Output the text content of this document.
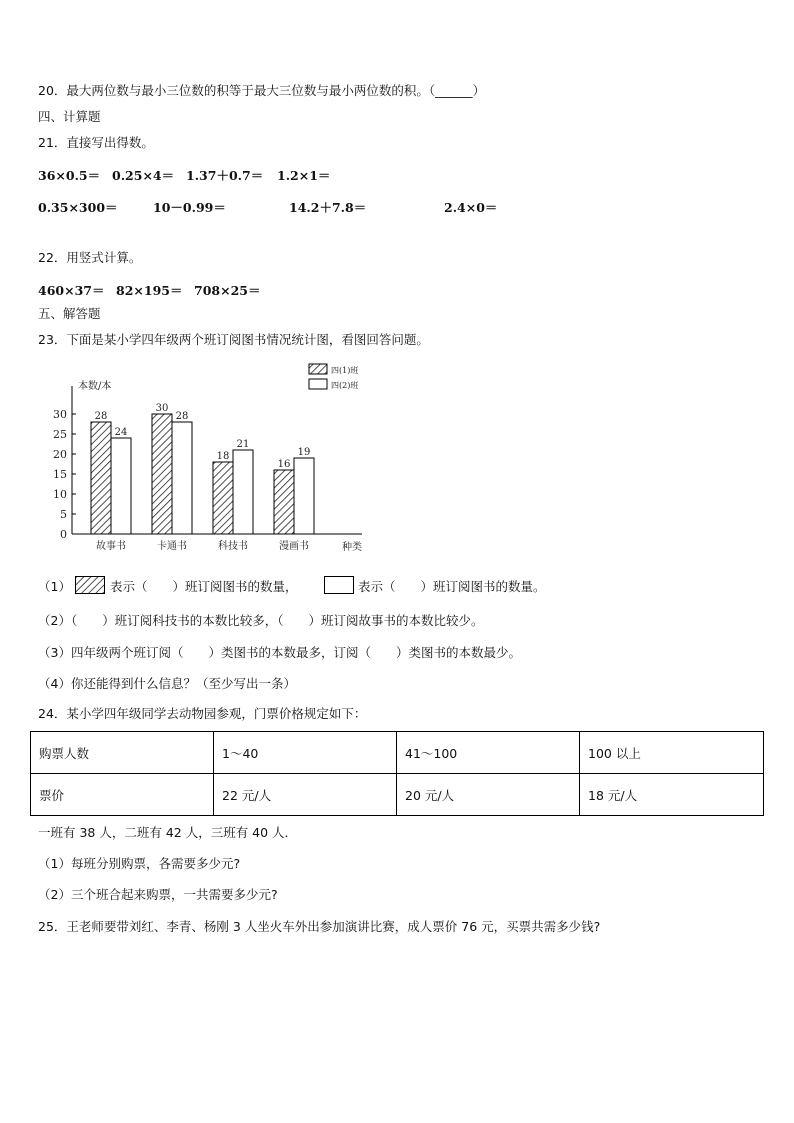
20．最大两位数与最小三位数的积等于最大三位数与最小两位数的积。（______）
四、计算题
21．直接写出得数。
36×0.5＝ 0.25×4＝ 1.37＋0.7＝ 1.2×1＝
0.35×300＝	10－0.99＝	14.2＋7.8＝	2.4×0＝
22．用竖式计算。
460×37＝ 82×195＝ 708×25＝
五、解答题
23．下面是某小学四年级两个班订阅图书情况统计图，看图回答问题。
本数/本
种类
0
5
10
15
20
25
30	28
24
故事书
30
28
卡通书
18
21
科技书
16
19
漫画书
四(1)班
四(2)班
（1）	表示（　　）班订阅图书的数量，	表示（　　）班订阅图书的数量。
（2）（　　）班订阅科技书的本数比较多，（　　）班订阅故事书的本数比较少。
（3）四年级两个班订阅（　　）类图书的本数最多，订阅（　　）类图书的本数最少。
（4）你还能得到什么信息？（至少写出一条）
24．某小学四年级同学去动物园参观，门票价格规定如下：
购票人数	1～40	41～100	100 以上
票价	22 元/人	20 元/人	18 元/人
一班有 38 人，二班有 42 人，三班有 40 人．
（1）每班分别购票，各需要多少元?
（2）三个班合起来购票，一共需要多少元?
25．王老师要带刘红、李青、杨刚 3 人坐火车外出参加演讲比赛，成人票价 76 元，买票共需多少钱?
